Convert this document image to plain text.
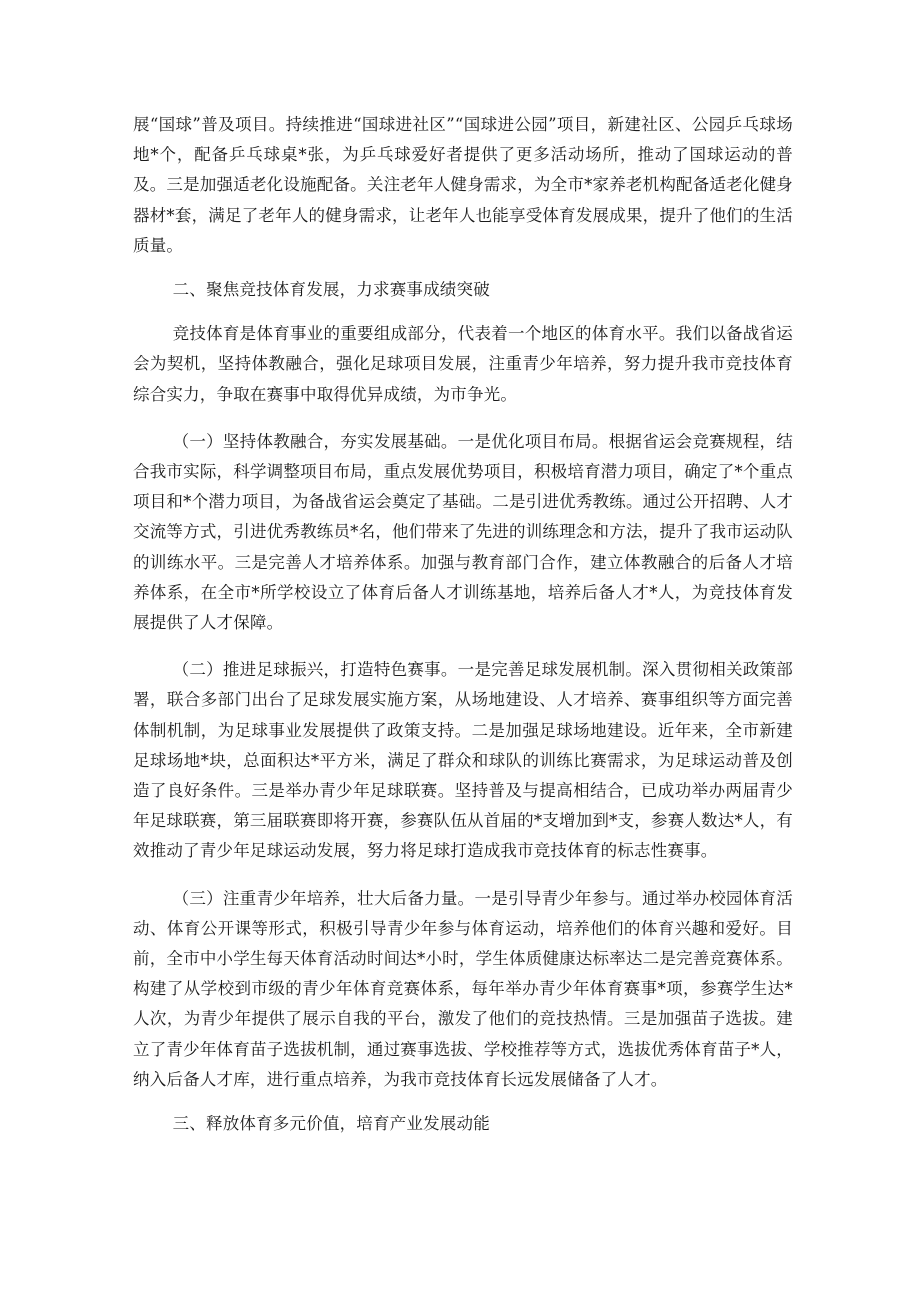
展“国球”普及项目。持续推进“国球进社区”“国球进公园”项目，新建社区、公园乒乓球场地*个，配备乒乓球桌*张，为乒乓球爱好者提供了更多活动场所，推动了国球运动的普及。三是加强适老化设施配备。关注老年人健身需求，为全市*家养老机构配备适老化健身器材*套，满足了老年人的健身需求，让老年人也能享受体育发展成果，提升了他们的生活质量。

二、聚焦竞技体育发展，力求赛事成绩突破

竞技体育是体育事业的重要组成部分，代表着一个地区的体育水平。我们以备战省运会为契机，坚持体教融合，强化足球项目发展，注重青少年培养，努力提升我市竞技体育综合实力，争取在赛事中取得优异成绩，为市争光。

（一）坚持体教融合，夯实发展基础。一是优化项目布局。根据省运会竞赛规程，结合我市实际，科学调整项目布局，重点发展优势项目，积极培育潜力项目，确定了*个重点项目和*个潜力项目，为备战省运会奠定了基础。二是引进优秀教练。通过公开招聘、人才交流等方式，引进优秀教练员*名，他们带来了先进的训练理念和方法，提升了我市运动队的训练水平。三是完善人才培养体系。加强与教育部门合作，建立体教融合的后备人才培养体系，在全市*所学校设立了体育后备人才训练基地，培养后备人才*人，为竞技体育发展提供了人才保障。

（二）推进足球振兴，打造特色赛事。一是完善足球发展机制。深入贯彻相关政策部署，联合多部门出台了足球发展实施方案，从场地建设、人才培养、赛事组织等方面完善体制机制，为足球事业发展提供了政策支持。二是加强足球场地建设。近年来，全市新建足球场地*块，总面积达*平方米，满足了群众和球队的训练比赛需求，为足球运动普及创造了良好条件。三是举办青少年足球联赛。坚持普及与提高相结合，已成功举办两届青少年足球联赛，第三届联赛即将开赛，参赛队伍从首届的*支增加到*支，参赛人数达*人，有效推动了青少年足球运动发展，努力将足球打造成我市竞技体育的标志性赛事。

（三）注重青少年培养，壮大后备力量。一是引导青少年参与。通过举办校园体育活动、体育公开课等形式，积极引导青少年参与体育运动，培养他们的体育兴趣和爱好。目前，全市中小学生每天体育活动时间达*小时，学生体质健康达标率达二是完善竞赛体系。构建了从学校到市级的青少年体育竞赛体系，每年举办青少年体育赛事*项，参赛学生达*人次，为青少年提供了展示自我的平台，激发了他们的竞技热情。三是加强苗子选拔。建立了青少年体育苗子选拔机制，通过赛事选拔、学校推荐等方式，选拔优秀体育苗子*人，纳入后备人才库，进行重点培养，为我市竞技体育长远发展储备了人才。

三、释放体育多元价值，培育产业发展动能
